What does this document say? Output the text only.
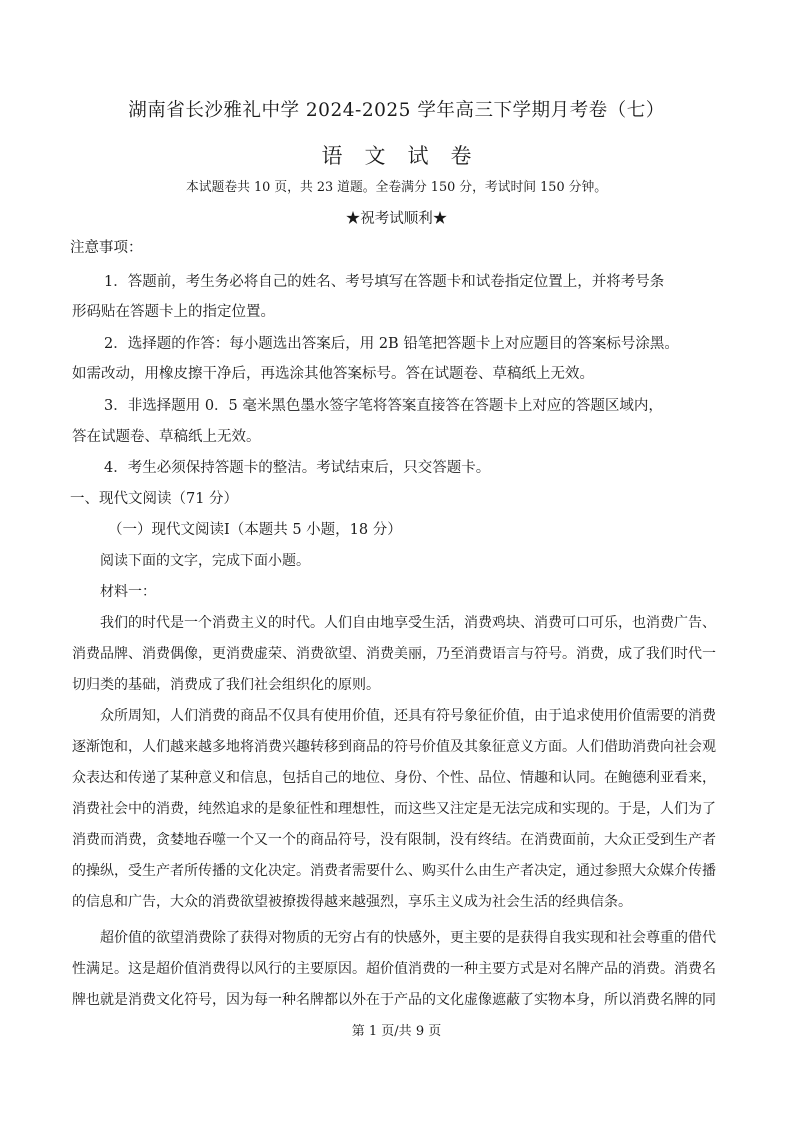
湖南省长沙雅礼中学 2024-2025 学年高三下学期月考卷（七）
语文试卷
本试题卷共 10 页，共 23 道题。全卷满分 150 分，考试时间 150 分钟。
★祝考试顺利★
注意事项：
1．答题前，考生务必将自己的姓名、考号填写在答题卡和试卷指定位置上，并将考号条
形码贴在答题卡上的指定位置。
2．选择题的作答：每小题选出答案后，用 2B 铅笔把答题卡上对应题目的答案标号涂黑。
如需改动，用橡皮擦干净后，再选涂其他答案标号。答在试题卷、草稿纸上无效。
3．非选择题用 0．5 毫米黑色墨水签字笔将答案直接答在答题卡上对应的答题区域内，
答在试题卷、草稿纸上无效。
4．考生必须保持答题卡的整洁。考试结束后，只交答题卡。
一、现代文阅读（71 分）
（一）现代文阅读Ⅰ（本题共 5 小题，18 分）
阅读下面的文字，完成下面小题。
材料一：
我们的时代是一个消费主义的时代。人们自由地享受生活，消费鸡块、消费可口可乐，也消费广告、
消费品牌、消费偶像，更消费虚荣、消费欲望、消费美丽，乃至消费语言与符号。消费，成了我们时代一
切归类的基础，消费成了我们社会组织化的原则。
众所周知，人们消费的商品不仅具有使用价值，还具有符号象征价值，由于追求使用价值需要的消费
逐渐饱和，人们越来越多地将消费兴趣转移到商品的符号价值及其象征意义方面。人们借助消费向社会观
众表达和传递了某种意义和信息，包括自己的地位、身份、个性、品位、情趣和认同。在鲍德利亚看来，
消费社会中的消费，纯然追求的是象征性和理想性，而这些又注定是无法完成和实现的。于是，人们为了
消费而消费，贪婪地吞噬一个又一个的商品符号，没有限制，没有终结。在消费面前，大众正受到生产者
的操纵，受生产者所传播的文化决定。消费者需要什么、购买什么由生产者决定，通过参照大众媒介传播
的信息和广告，大众的消费欲望被撩拨得越来越强烈，享乐主义成为社会生活的经典信条。
超价值的欲望消费除了获得对物质的无穷占有的快感外，更主要的是获得自我实现和社会尊重的借代
性满足。这是超价值消费得以风行的主要原因。超价值消费的一种主要方式是对名牌产品的消费。消费名
牌也就是消费文化符号，因为每一种名牌都以外在于产品的文化虚像遮蔽了实物本身，所以消费名牌的同
第 1 页/共 9 页
